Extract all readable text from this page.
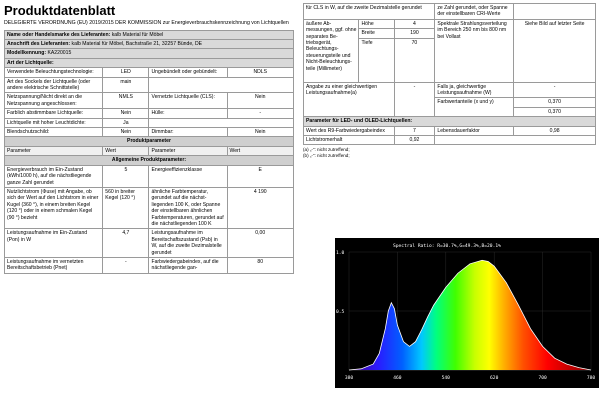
Produktdatenblatt
DELEGIERTE VERORDNUNG (EU) 2019/2015 DER KOMMISSION zur Energieverbrauchskennzeichnung von Lichtquellen
Name oder Handelsmarke des Lieferanten: kalb Material für Möbel			
Anschrift des Lieferanten: kalb Material für Möbel, Bachstraße 21, 32257 Bünde, DE			
Modellkennung: KA220015			
Art der Lichtquelle:			
Verwendete Beleuchtungstechnologie:	LED	Ungebündelt oder gebündelt:	NDLS
Art des Sockels der Lichtquelle (oder andere elektrische Schnittstelle)	main		
Netzspannung/Nicht direkt an die Netzspannung angeschlossen:	NMLS	Vernetzte Lichtquelle (CLS):	Nein
Farblich abstimmbare Lichtquelle:	Nein	Hülle:	-
Lichtquelle mit hoher Leuchtdichte:	Ja		
Blendschutzschild:	Nein	Dimmbar:	Nein
Produktparameter			
Parameter	Wert	Parameter	Wert
Allgemeine Produktparameter:			
Energieverbrauch im Ein-Zustand (kWh/1000 h), auf die nächstliegende ganze Zahl gerundet	5	Energieeffizienzklasse	E
Nutzlichtstrom (Φuse) mit Angabe, ob sich der Wert auf den Lichtstrom in einer Kugel (360 °), in einem breiten Kegel (120 °) oder in einem schmalen Kegel (90 °) bezieht	560 in breiter Kegel (120 °)	ähnliche Farbtemperatur, gerundet auf die nächstliegenden 100 K, oder Spanne der einstellbaren ähnlichen Farbtemperaturen, gerundet auf die nächstliegenden 100 K	4 190
Leistungsaufnahme im Ein-Zustand (Pon) in W	4,7	Leistungsaufnahme im Bereitschaftszustand (Psb) in W, auf die zweite Dezimalstelle gerundet	0,00
Leistungsaufnahme im vernetzten Bereitschaftsbetrieb (Pnet)	-	Farbwiedergabeindex, auf die nächstliegende gan-	80
für CLS in W, auf die zweite Dezimalstelle gerundet			ze Zahl gerundet, oder Spanne der einstellbaren CRI-Werte	
äußere Abmessungen, ggf. ohne separates Betriebsgerät, Beleuchtungssteuerungsteile und Nicht-Beleuchtungsteile (Millimeter)	Höhe	4	Spektrale Strahlungsverteilung im Bereich 250 nm bis 800 nm bei Vollast	Siehe Bild auf letzter Seite
	Breite	190		
	Tiefe	70		
Angabe zu einer gleichwertigen Leistungsaufnahme(a)		-	Falls ja, gleichwertige Leistungsaufnahme (W)	-
			Farbwertanteile (x und y)	0,370
				0,370
Parameter für LED- und OLED-Lichtquellen:				
Wert des R9-Farbwiedergabeindex		7	Lebensdauerfaktor	0,98
Lichtstromerhalt		0,92		
(a) „-“: nicht zutreffend;
(b) „-“: nicht zutreffend;
Spectral Ratio: R=30.7%,G=49.3%,B=20.1%
1.0
0.5
380	460	540	620	700	780
